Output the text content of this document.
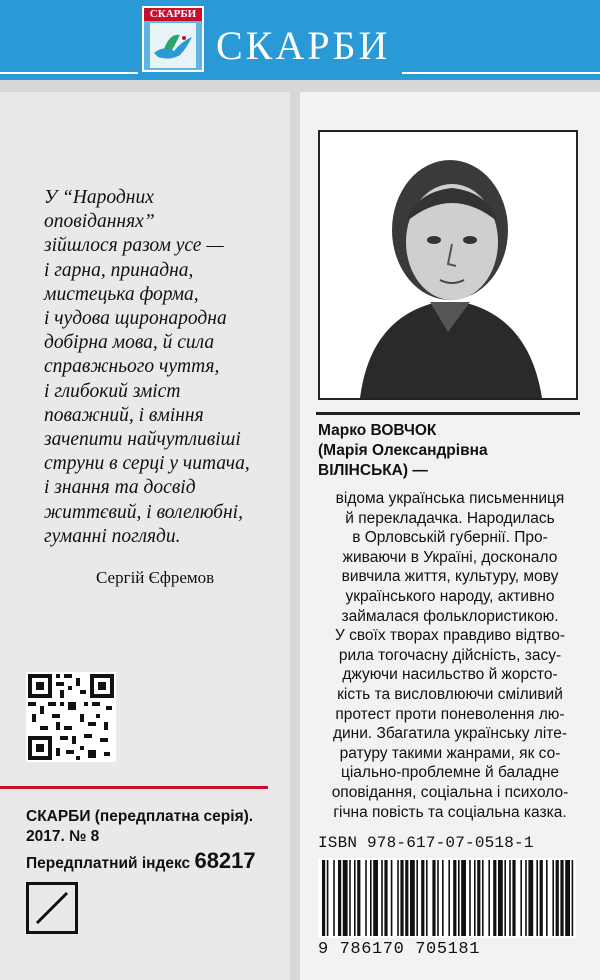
СКАРБИ
СКАРБИ
У “Народних
оповіданнях”
зійшлося разом усе —
і гарна, принадна,
мистецька форма,
і чудова щиронародна
добірна мова, й сила
справжнього чуття,
і глибокий зміст
поважний, і вміння
зачепити найчутливіші
струни в серці у читача,
і знання та досвід
життєвий, і волелюбні,
гуманні погляди.
Сергій Єфремов
СКАРБИ (передплатна серія).
2017. № 8
Передплатний індекс 68217
Марко ВОВЧОК
(Марія Олександрівна
ВІЛІНСЬКА) —
відома українська письменниця
й перекладачка. Народилась
в Орловській губернії. Про-
живаючи в Україні, досконало
вивчила життя, культуру, мову
українського народу, активно
займалася фольклористикою.
У своїх творах правдиво відтво-
рила тогочасну дійсність, засу-
джуючи насильство й жорсто-
кість та висловлюючи сміливий
протест проти поневолення лю-
дини. Збагатила українську літе-
ратуру такими жанрами, як со-
ціально-проблемне й баладне
оповідання, соціальна і психоло-
гічна повість та соціальна казка.
ISBN 978-617-07-0518-1
9 786170 705181
